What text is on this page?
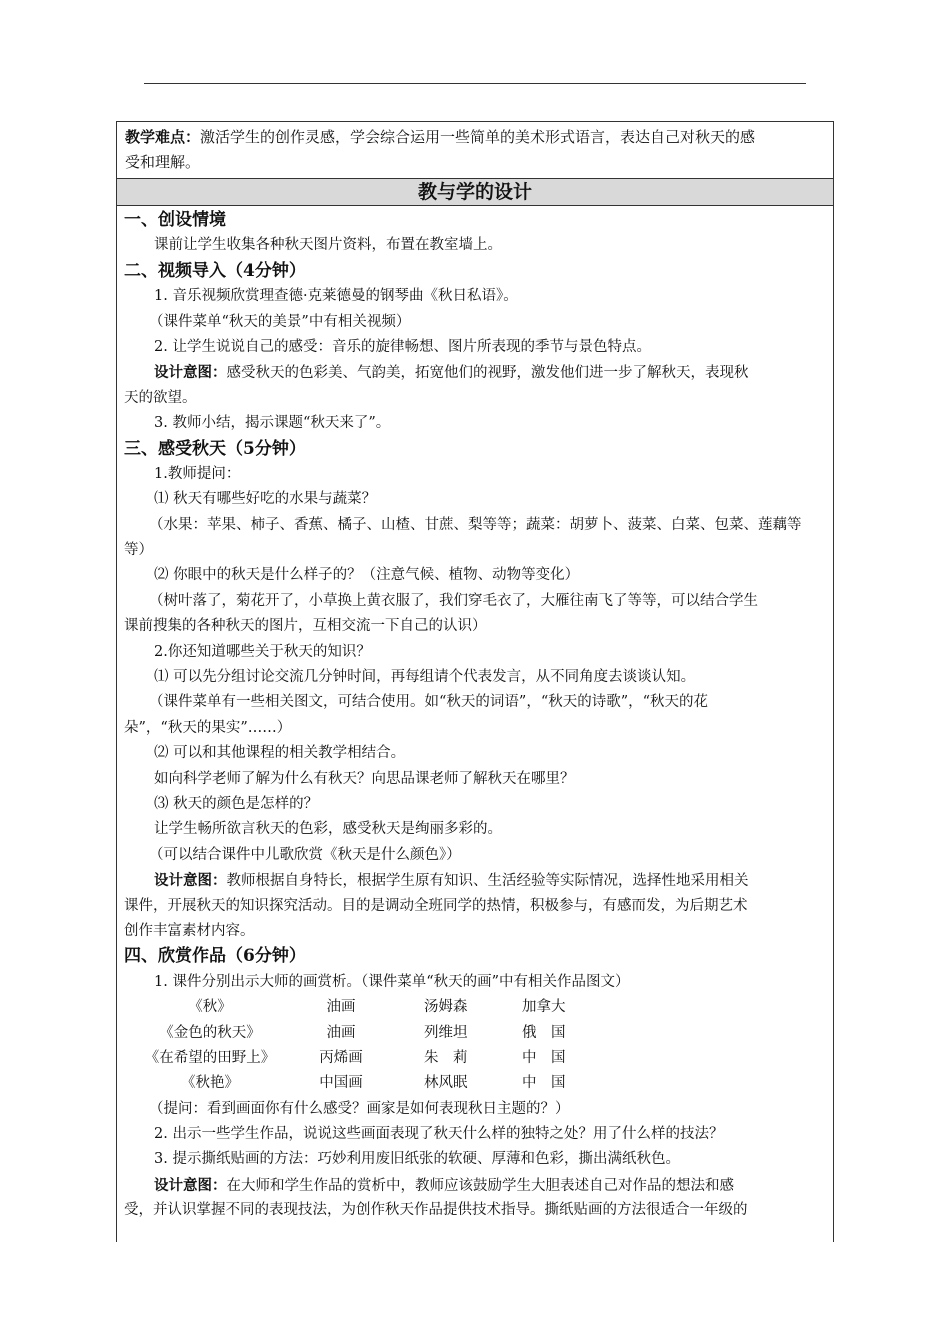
教学难点：激活学生的创作灵感，学会综合运用一些简单的美术形式语言，表达自己对秋天的感
受和理解。
教与学的设计
一、创设情境
课前让学生收集各种秋天图片资料，布置在教室墙上。
二、视频导入（4分钟）
1. 音乐视频欣赏理查德·克莱德曼的钢琴曲《秋日私语》。
（课件菜单“秋天的美景”中有相关视频）
2. 让学生说说自己的感受：音乐的旋律畅想、图片所表现的季节与景色特点。
设计意图：感受秋天的色彩美、气韵美，拓宽他们的视野，激发他们进一步了解秋天，表现秋
天的欲望。
3. 教师小结，揭示课题“秋天来了”。
三、感受秋天（5分钟）
1.教师提问：
⑴ 秋天有哪些好吃的水果与蔬菜？
（水果：苹果、柿子、香蕉、橘子、山楂、甘蔗、梨等等；蔬菜：胡萝卜、菠菜、白菜、包菜、莲藕等
等）
⑵ 你眼中的秋天是什么样子的？（注意气候、植物、动物等变化）
（树叶落了，菊花开了，小草换上黄衣服了，我们穿毛衣了，大雁往南飞了等等，可以结合学生
课前搜集的各种秋天的图片，互相交流一下自己的认识）
2.你还知道哪些关于秋天的知识？
⑴ 可以先分组讨论交流几分钟时间，再每组请个代表发言，从不同角度去谈谈认知。
（课件菜单有一些相关图文，可结合使用。如“秋天的词语”，“秋天的诗歌”，“秋天的花
朵”，“秋天的果实”……）
⑵ 可以和其他课程的相关教学相结合。
如向科学老师了解为什么有秋天？向思品课老师了解秋天在哪里？
⑶ 秋天的颜色是怎样的？
让学生畅所欲言秋天的色彩，感受秋天是绚丽多彩的。
（可以结合课件中儿歌欣赏《秋天是什么颜色》）
设计意图：教师根据自身特长，根据学生原有知识、生活经验等实际情况，选择性地采用相关
课件，开展秋天的知识探究活动。目的是调动全班同学的热情，积极参与，有感而发，为后期艺术
创作丰富素材内容。
四、欣赏作品（6分钟）
1. 课件分别出示大师的画赏析。（课件菜单“秋天的画”中有相关作品图文）
《秋》	油画	汤姆森	加拿大
《金色的秋天》	油画	列维坦	俄　国
《在希望的田野上》	丙烯画	朱　莉	中　国
《秋艳》	中国画	林风眠	中　国
（提问：看到画面你有什么感受？画家是如何表现秋日主题的？）
2. 出示一些学生作品，说说这些画面表现了秋天什么样的独特之处？用了什么样的技法？
3. 提示撕纸贴画的方法：巧妙利用废旧纸张的软硬、厚薄和色彩，撕出满纸秋色。
设计意图：在大师和学生作品的赏析中，教师应该鼓励学生大胆表述自己对作品的想法和感
受，并认识掌握不同的表现技法，为创作秋天作品提供技术指导。撕纸贴画的方法很适合一年级的
